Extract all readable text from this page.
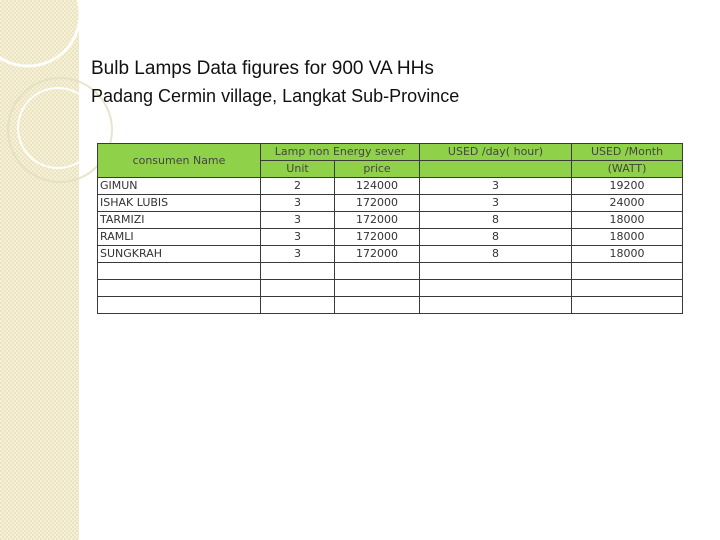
Bulb Lamps Data figures for 900 VA HHs
Padang Cermin village, Langkat Sub-Province
consumen Name	Lamp non Energy sever		USED /day( hour)	USED /Month
	Unit	price		(WATT)
GIMUN	2	124000	3	19200
ISHAK LUBIS	3	172000	3	24000
TARMIZI	3	172000	8	18000
RAMLI	3	172000	8	18000
SUNGKRAH	3	172000	8	18000
